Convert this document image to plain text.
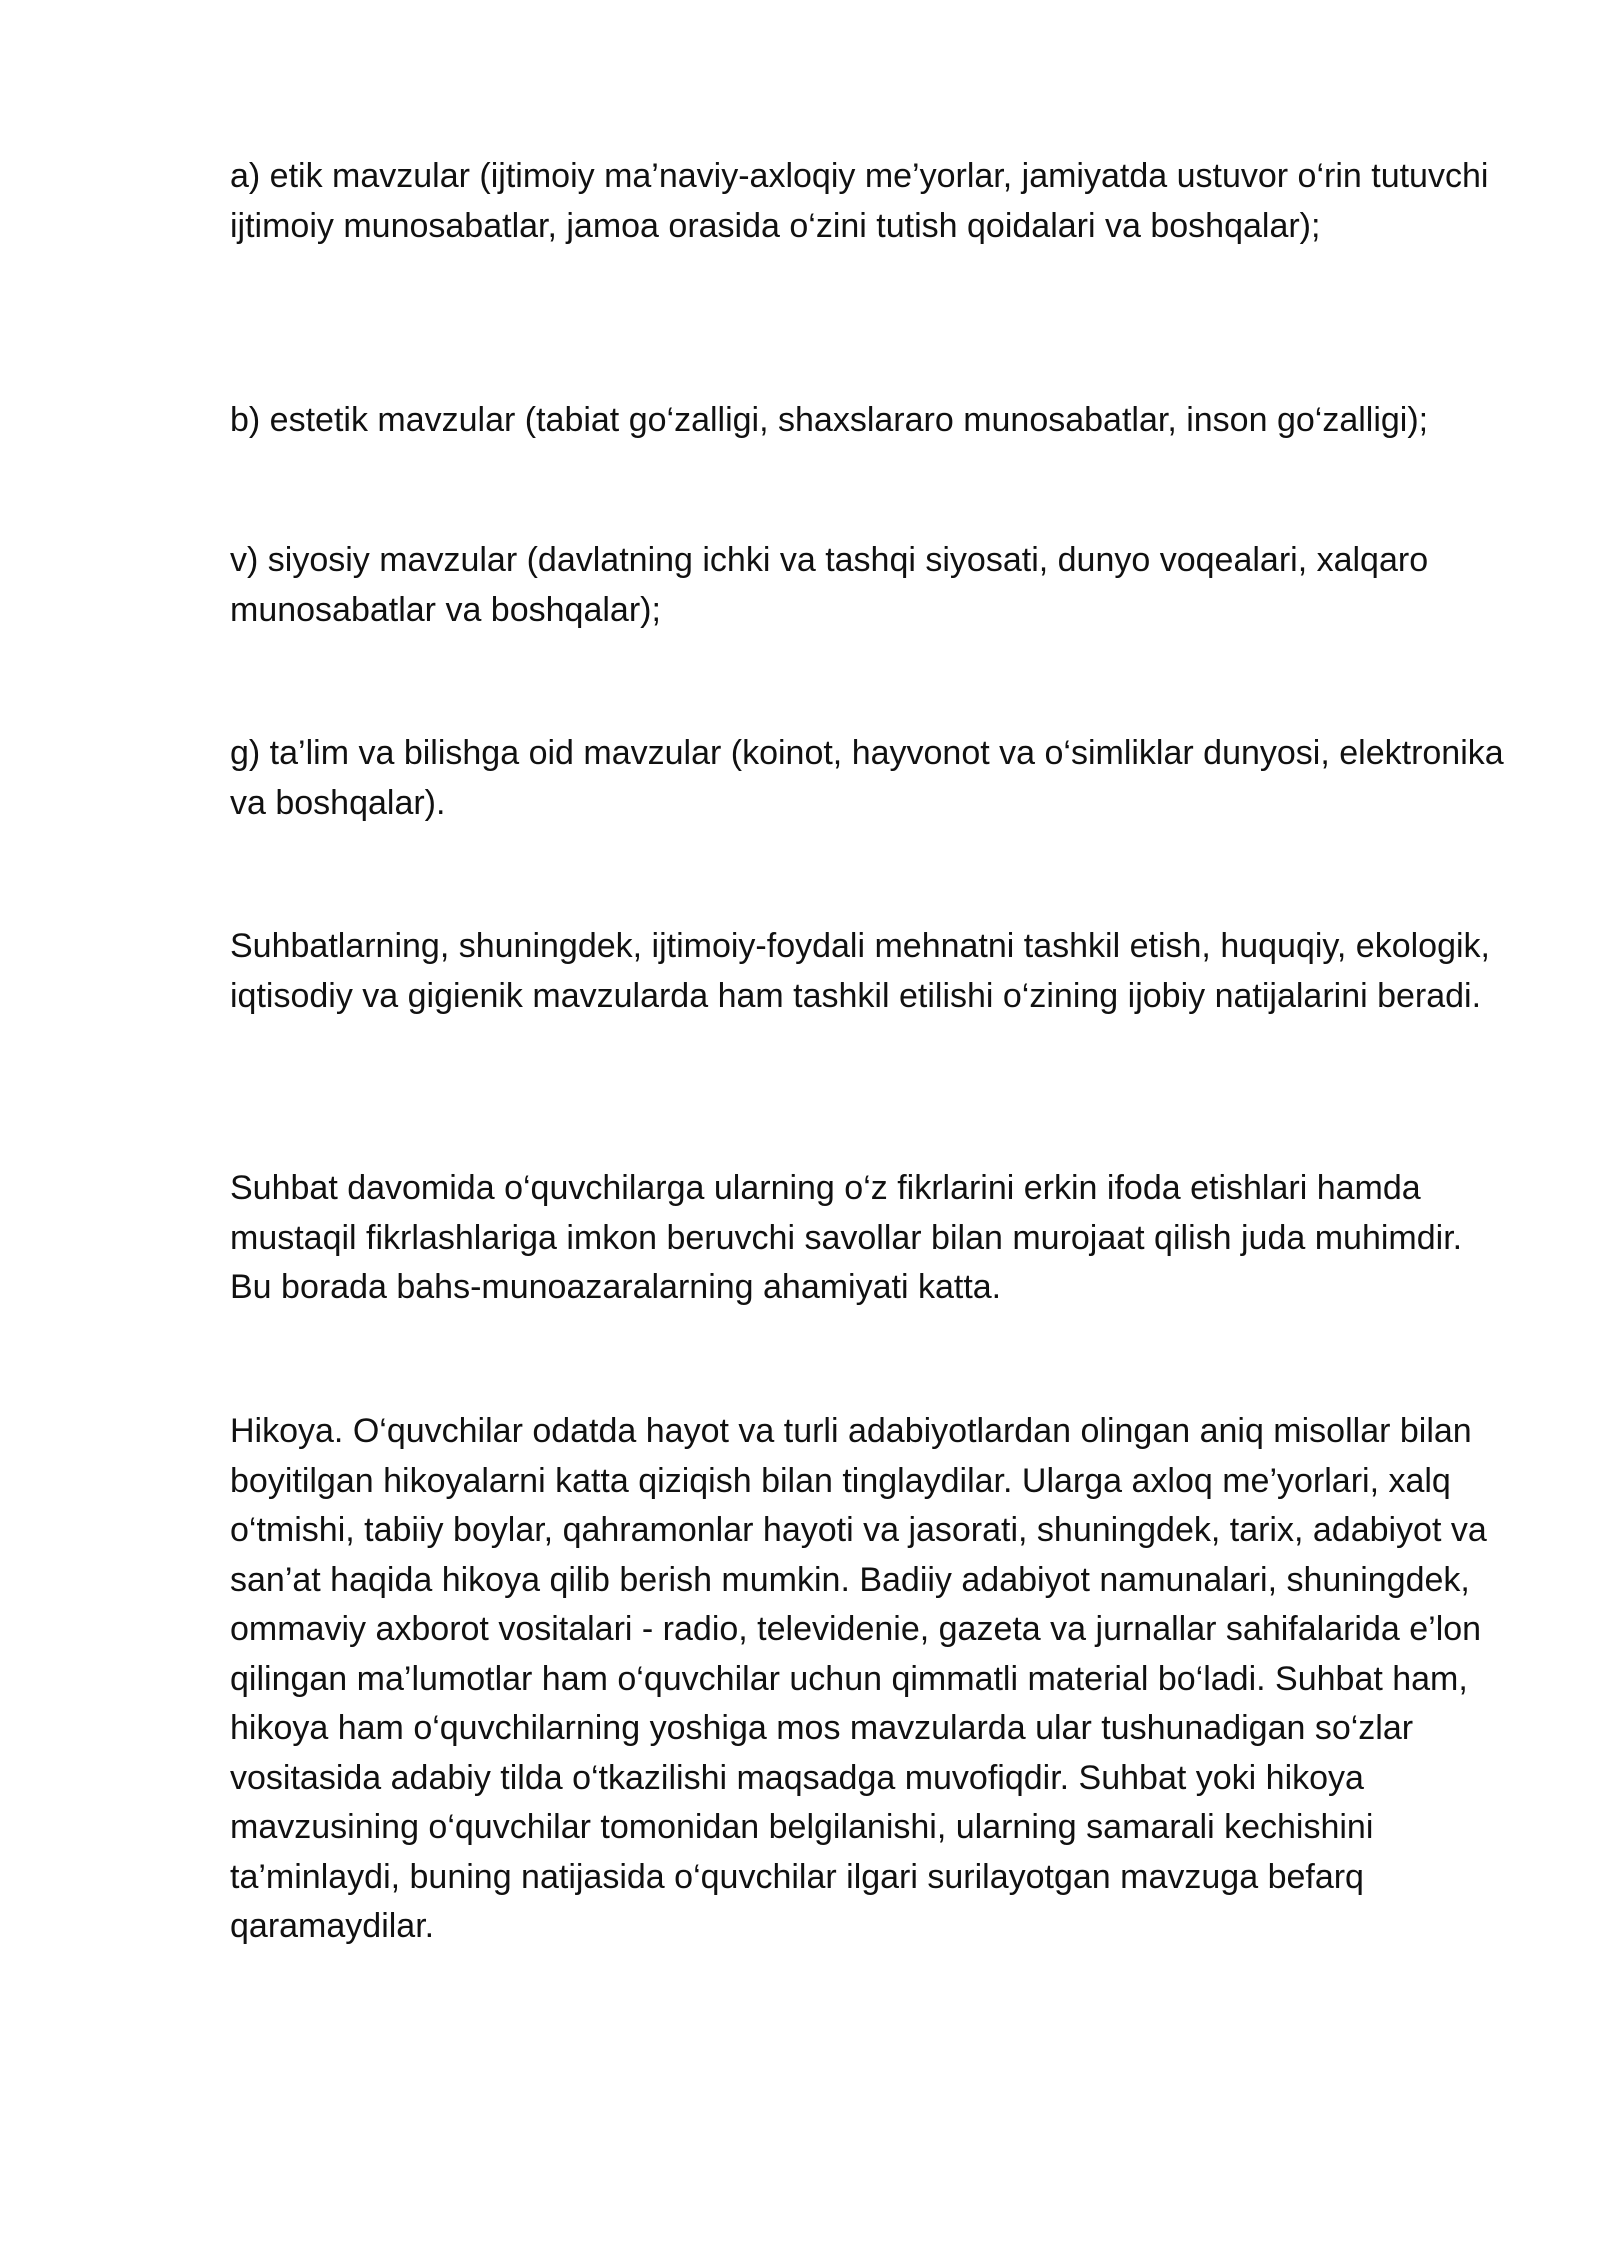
a) etik mavzular (ijtimoiy ma’naviy-axloqiy me’yorlar, jamiyatda ustuvor o‘rin tutuvchi ijtimoiy munosabatlar, jamoa orasida o‘zini tutish qoidalari va boshqalar);

b) estetik mavzular (tabiat go‘zalligi, shaxslararo munosabatlar, inson go‘zalligi);

v) siyosiy mavzular (davlatning ichki va tashqi siyosati, dunyo voqealari, xalqaro munosabatlar va boshqalar);

g) ta’lim va bilishga oid mavzular (koinot, hayvonot va o‘simliklar dunyosi, elektronika va boshqalar).

Suhbatlarning, shuningdek, ijtimoiy-foydali mehnatni tashkil etish, huquqiy, ekologik, iqtisodiy va gigienik mavzularda ham tashkil etilishi o‘zining ijobiy natijalarini beradi.

Suhbat davomida o‘quvchilarga ularning o‘z fikrlarini erkin ifoda etishlari hamda mustaqil fikrlashlariga imkon beruvchi savollar bilan murojaat qilish juda muhimdir. Bu borada bahs-munoazaralarning ahamiyati katta.

Hikoya. O‘quvchilar odatda hayot va turli adabiyotlardan olingan aniq misollar bilan boyitilgan hikoyalarni katta qiziqish bilan tinglaydilar. Ularga axloq me’yorlari, xalq o‘tmishi, tabiiy boylar, qahramonlar hayoti va jasorati, shuningdek, tarix, adabiyot va san’at haqida hikoya qilib berish mumkin. Badiiy adabiyot namunalari, shuningdek, ommaviy axborot vositalari - radio, televidenie, gazeta va jurnallar sahifalarida e’lon qilingan ma’lumotlar ham o‘quvchilar uchun qimmatli material bo‘ladi. Suhbat ham, hikoya ham o‘quvchilarning yoshiga mos mavzularda ular tushunadigan so‘zlar vositasida adabiy tilda o‘tkazilishi maqsadga muvofiqdir. Suhbat yoki hikoya mavzusining o‘quvchilar tomonidan belgilanishi, ularning samarali kechishini ta’minlaydi, buning natijasida o‘quvchilar ilgari surilayotgan mavzuga befarq qaramaydilar.
